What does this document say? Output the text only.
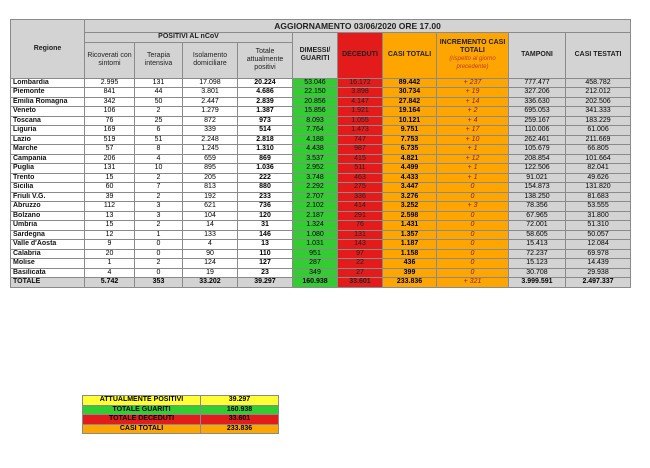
Regione	AGGIORNAMENTO 03/06/2020 ORE 17.00									
	POSITIVI AL nCoV				DIMESSI/ GUARITI	DECEDUTI	CASI TOTALI	INCREMENTO CASI TOTALI
(rispetto al giorno precedente)	TAMPONI	CASI TESTATI
	Ricoverati con sintomi	Terapia intensiva	Isolamento domiciliare	Totale attualmente positivi						
Lombardia	2.995	131	17.098	20.224	53.046	16.172	89.442	+ 237	777.477	458.782
Piemonte	841	44	3.801	4.686	22.150	3.898	30.734	+ 19	327.206	212.012
Emilia Romagna	342	50	2.447	2.839	20.856	4.147	27.842	+ 14	336.630	202.506
Veneto	106	2	1.279	1.387	15.856	1.921	19.164	+ 2	695.053	341.333
Toscana	76	25	872	973	8.093	1.055	10.121	+ 4	259.167	183.229
Liguria	169	6	339	514	7.764	1.473	9.751	+ 17	110.006	61.006
Lazio	519	51	2.248	2.818	4.188	747	7.753	+ 10	262.461	211.669
Marche	57	8	1.245	1.310	4.438	987	6.735	+ 1	105.679	66.805
Campania	206	4	659	869	3.537	415	4.821	+ 12	208.854	101.664
Puglia	131	10	895	1.036	2.952	511	4.499	+ 1	122.506	82.041
Trento	15	2	205	222	3.748	463	4.433	+ 1	91.021	49.626
Sicilia	60	7	813	880	2.292	275	3.447	0	154.873	131.820
Friuli V.G.	39	2	192	233	2.707	336	3.276	0	138.250	81.683
Abruzzo	112	3	621	736	2.102	414	3.252	+ 3	78.356	53.555
Bolzano	13	3	104	120	2.187	291	2.598	0	67.965	31.800
Umbria	15	2	14	31	1.324	76	1.431	0	72.001	51.310
Sardegna	12	1	133	146	1.080	131	1.357	0	58.605	50.057
Valle d'Aosta	9	0	4	13	1.031	143	1.187	0	15.413	12.084
Calabria	20	0	90	110	951	97	1.158	0	72.237	69.978
Molise	1	2	124	127	287	22	436	0	15.123	14.439
Basilicata	4	0	19	23	349	27	399	0	30.708	29.938
TOTALE	5.742	353	33.202	39.297	160.938	33.601	233.836	+ 321	3.999.591	2.497.337
ATTUALMENTE POSITIVI	39.297
TOTALE GUARITI	160.938
TOTALE DECEDUTI	33.601
CASI TOTALI	233.836
